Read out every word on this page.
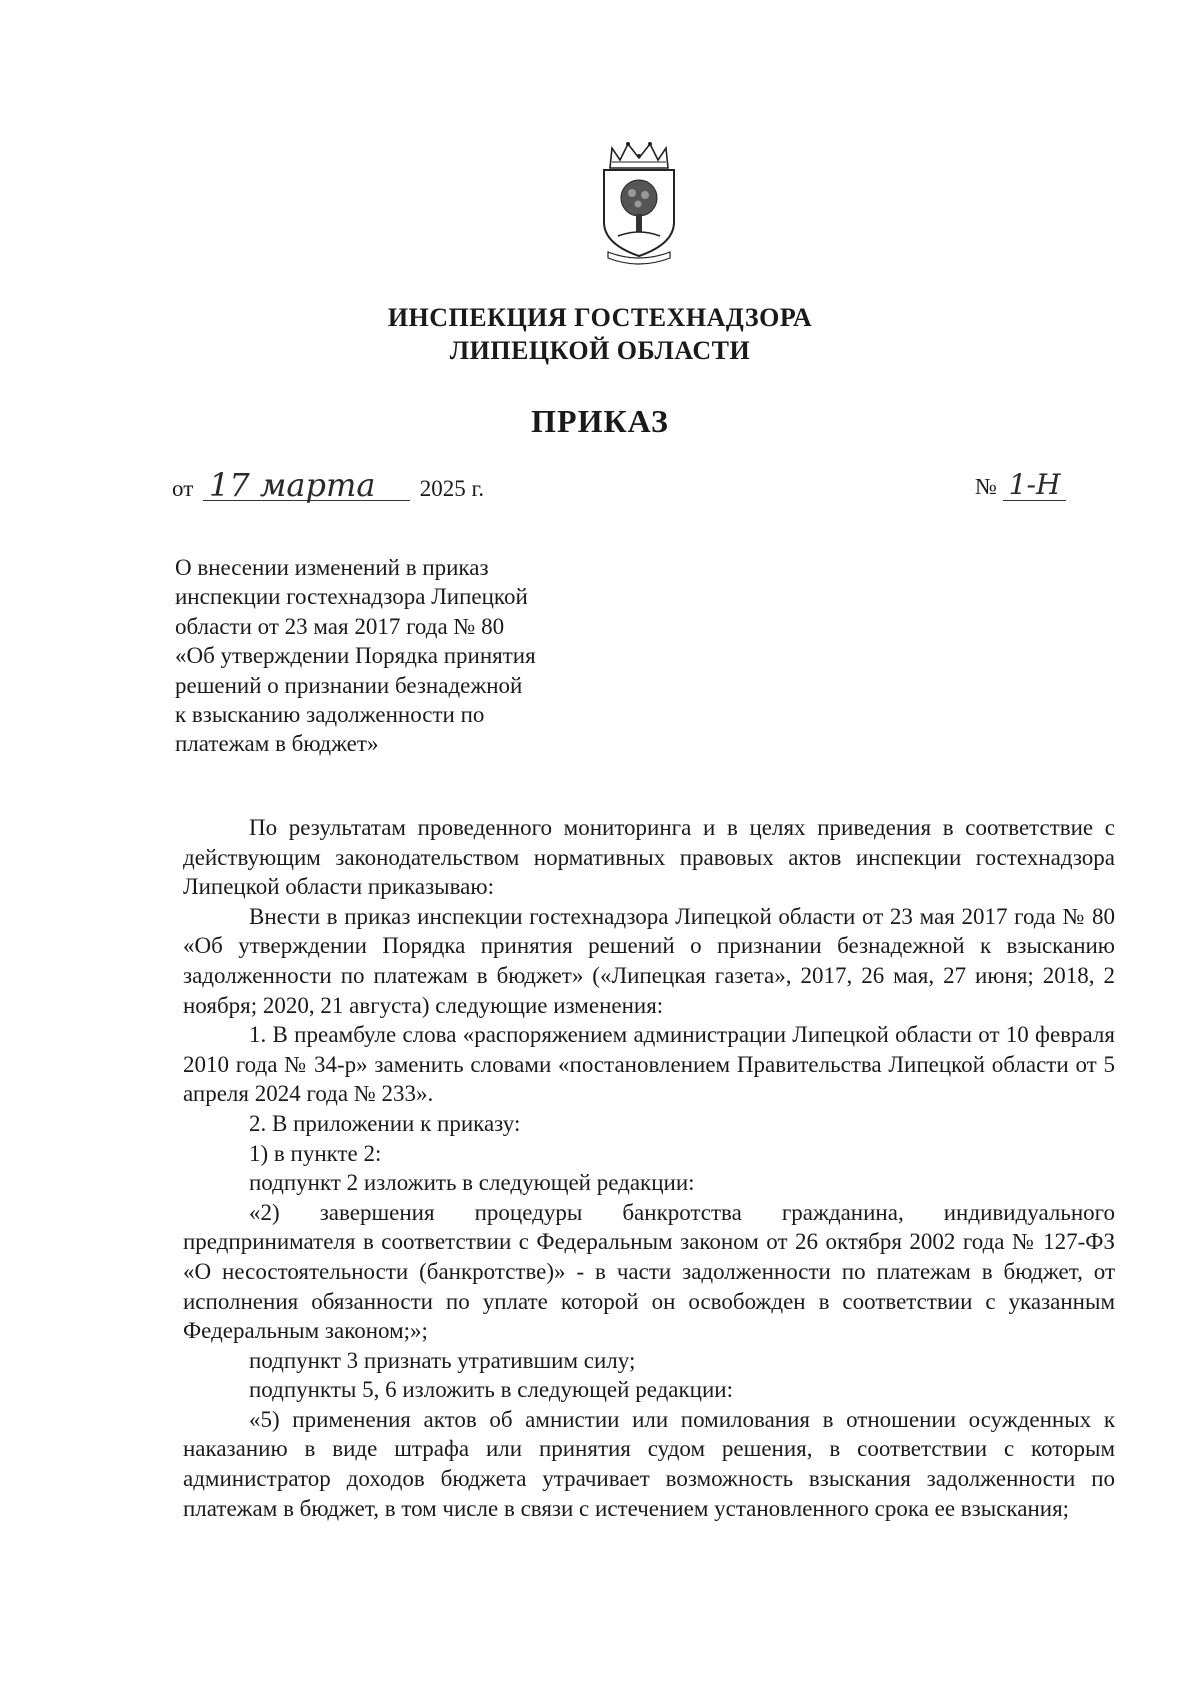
ИНСПЕКЦИЯ ГОСТЕХНАДЗОРА
ЛИПЕЦКОЙ ОБЛАСТИ
ПРИКАЗ
от 17 марта 2025 г.	№ 1-Н
О внесении изменений в приказ
инспекции гостехнадзора Липецкой
области от 23 мая 2017 года № 80
«Об утверждении Порядка принятия
решений о признании безнадежной
к взысканию задолженности по
платежам в бюджет»

По результатам проведенного мониторинга и в целях приведения в соответствие с действующим законодательством нормативных правовых актов инспекции гостехнадзора Липецкой области приказываю:

Внести в приказ инспекции гостехнадзора Липецкой области от 23 мая 2017 года № 80 «Об утверждении Порядка принятия решений о признании безнадежной к взысканию задолженности по платежам в бюджет» («Липецкая газета», 2017, 26 мая, 27 июня; 2018, 2 ноября; 2020, 21 августа) следующие изменения:

1. В преамбуле слова «распоряжением администрации Липецкой области от 10 февраля 2010 года № 34-р» заменить словами «постановлением Правительства Липецкой области от 5 апреля 2024 года № 233».

2. В приложении к приказу:

1) в пункте 2:

подпункт 2 изложить в следующей редакции:

«2) завершения процедуры банкротства гражданина, индивидуального предпринимателя в соответствии с Федеральным законом от 26 октября 2002 года № 127-ФЗ «О несостоятельности (банкротстве)» - в части задолженности по платежам в бюджет, от исполнения обязанности по уплате которой он освобожден в соответствии с указанным Федеральным законом;»;

подпункт 3 признать утратившим силу;

подпункты 5, 6 изложить в следующей редакции:

«5) применения актов об амнистии или помилования в отношении осужденных к наказанию в виде штрафа или принятия судом решения, в соответствии с которым администратор доходов бюджета утрачивает возможность взыскания задолженности по платежам в бюджет, в том числе в связи с истечением установленного срока ее взыскания;
